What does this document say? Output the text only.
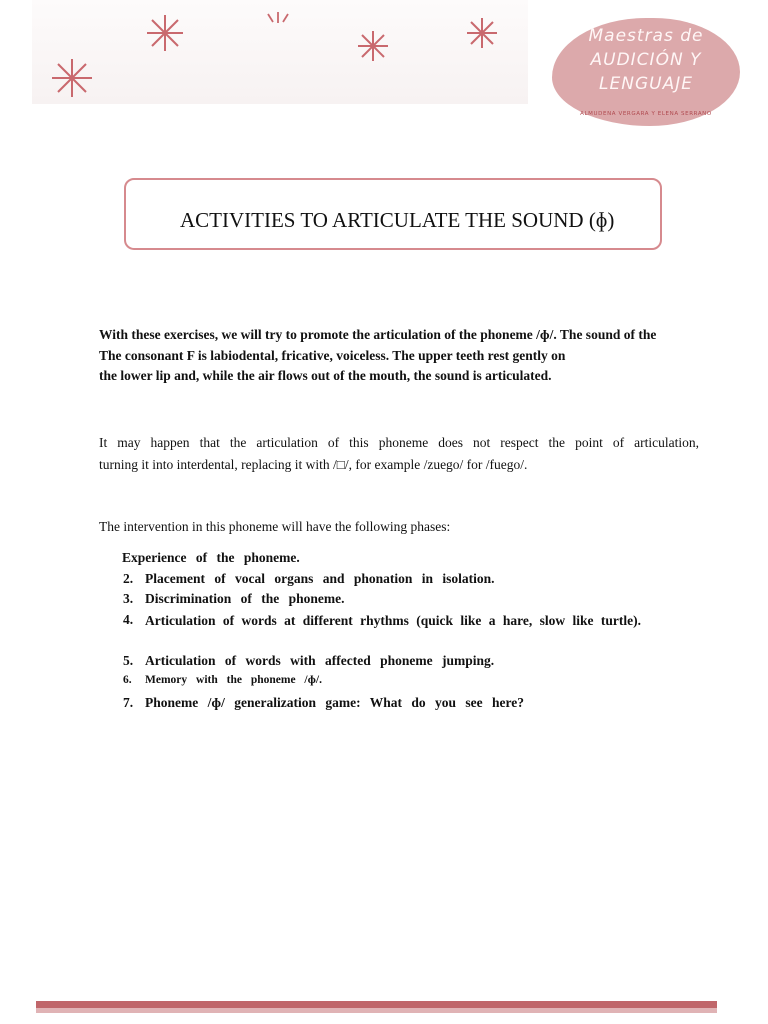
Maestras de
AUDICIÓN Y
LENGUAJE
ALMUDENA VERGARA Y ELENA SERRANO
ACTIVITIES TO ARTICULATE THE SOUND (ɸ)

With these exercises, we will try to promote the articulation of the phoneme /ɸ/. The sound of the
The consonant F is labiodental, fricative, voiceless. The upper teeth rest gently on
the lower lip and, while the air flows out of the mouth, the sound is articulated.

It may happen that the articulation of this phoneme does not respect the point of articulation,
turning it into interdental, replacing it with /□/, for example /zuego/ for /fuego/.

The intervention in this phoneme will have the following phases:

Experience of the phoneme.
2. Placement of vocal organs and phonation in isolation.
3. Discrimination of the phoneme.
4. Articulation of words at different rhythms (quick like a hare, slow like turtle).
5. Articulation of words with affected phoneme jumping.
6. Memory with the phoneme /ɸ/.
7. Phoneme /ɸ/ generalization game: What do you see here?
